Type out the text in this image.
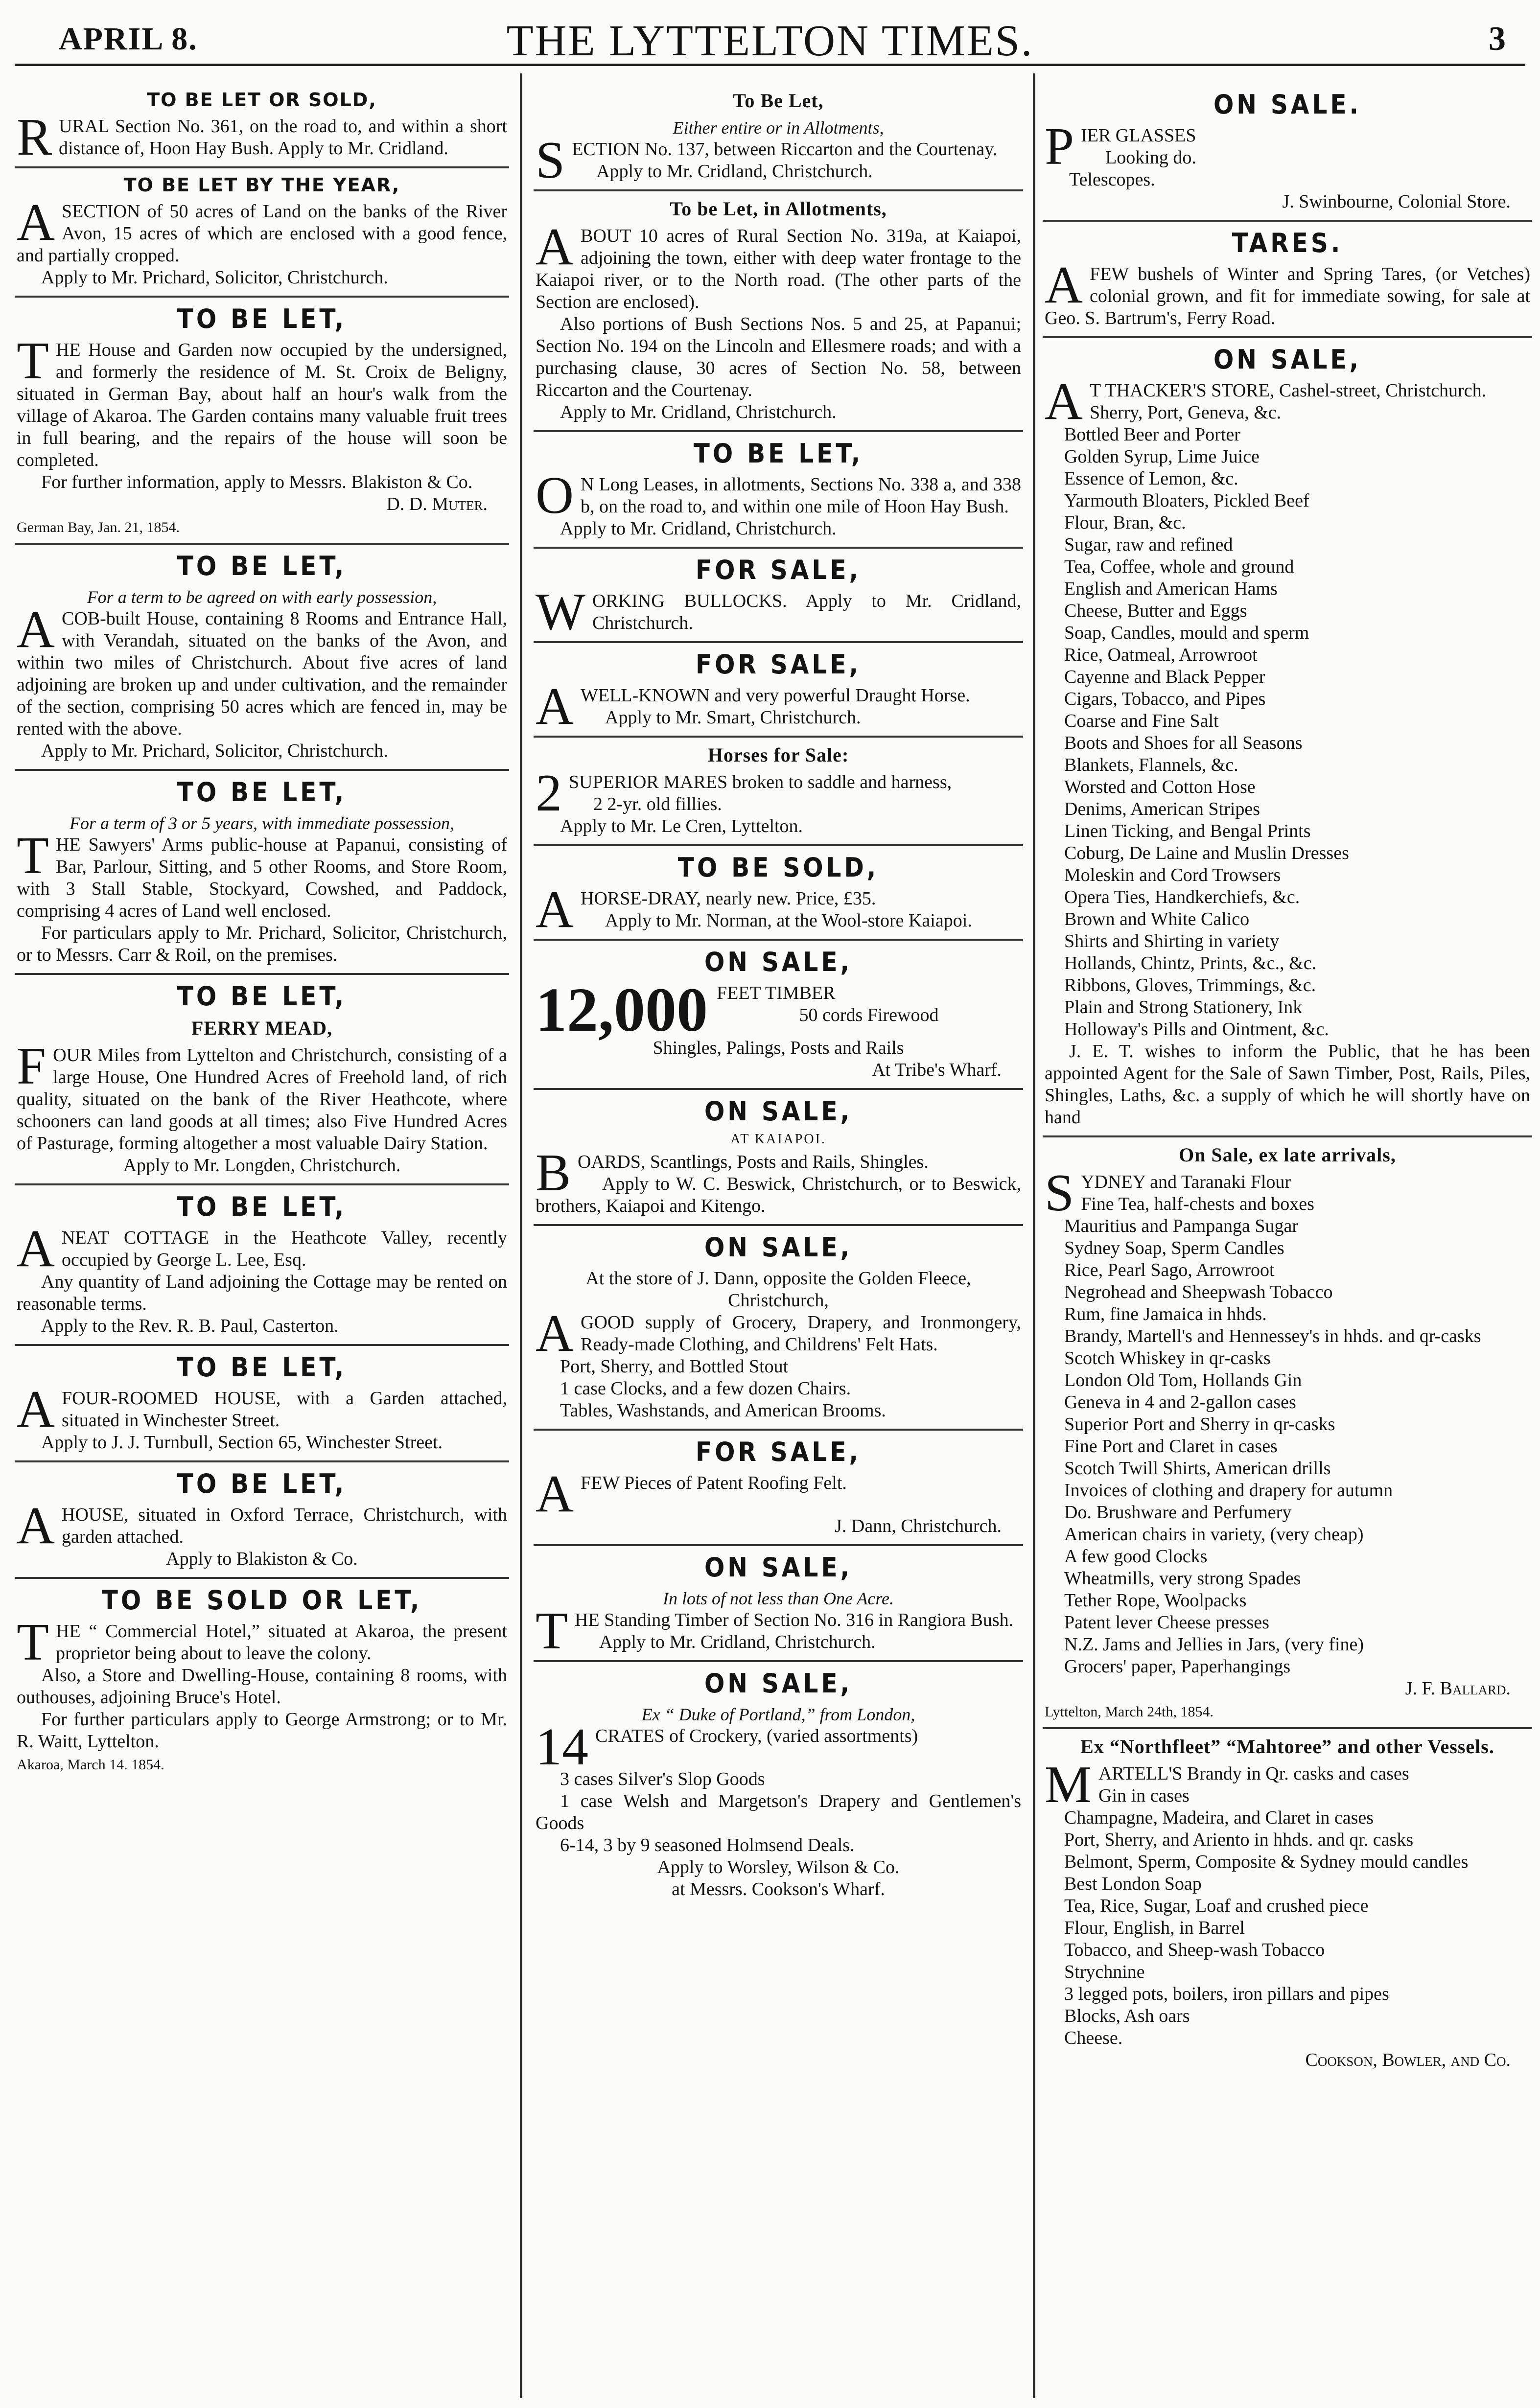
APRIL 8.	THE LYTTELTON TIMES.	3
TO BE LET OR SOLD,

RURAL Section No. 361, on the road to, and within a short distance of, Hoon Hay Bush. Apply to Mr. Cridland.

TO BE LET BY THE YEAR,

ASECTION of 50 acres of Land on the banks of the River Avon, 15 acres of which are enclosed with a good fence, and partially cropped.

Apply to Mr. Prichard, Solicitor, Christchurch.

TO BE LET,

THE House and Garden now occupied by the undersigned, and formerly the residence of M. St. Croix de Beligny, situated in German Bay, about half an hour's walk from the village of Akaroa. The Garden contains many valuable fruit trees in full bearing, and the repairs of the house will soon be completed.

For further information, apply to Messrs. Blakiston & Co.

D. D. Muter.
German Bay, Jan. 21, 1854.
TO BE LET,
For a term to be agreed on with early possession,

ACOB-built House, containing 8 Rooms and Entrance Hall, with Verandah, situated on the banks of the Avon, and within two miles of Christchurch. About five acres of land adjoining are broken up and under cultivation, and the remainder of the section, comprising 50 acres which are fenced in, may be rented with the above.

Apply to Mr. Prichard, Solicitor, Christchurch.

TO BE LET,
For a term of 3 or 5 years, with immediate possession,

THE Sawyers' Arms public-house at Papanui, consisting of Bar, Parlour, Sitting, and 5 other Rooms, and Store Room, with 3 Stall Stable, Stockyard, Cowshed, and Paddock, comprising 4 acres of Land well enclosed.

For particulars apply to Mr. Prichard, Solicitor, Christchurch, or to Messrs. Carr & Roil, on the premises.

TO BE LET,
FERRY MEAD,

FOUR Miles from Lyttelton and Christchurch, consisting of a large House, One Hundred Acres of Freehold land, of rich quality, situated on the bank of the River Heathcote, where schooners can land goods at all times; also Five Hundred Acres of Pasturage, forming altogether a most valuable Dairy Station.

Apply to Mr. Longden, Christchurch.

TO BE LET,

ANEAT COTTAGE in the Heathcote Valley, recently occupied by George L. Lee, Esq.

Any quantity of Land adjoining the Cottage may be rented on reasonable terms.

Apply to the Rev. R. B. Paul, Casterton.

TO BE LET,

AFOUR-ROOMED HOUSE, with a Garden attached, situated in Winchester Street.

Apply to J. J. Turnbull, Section 65, Winchester Street.

TO BE LET,

AHOUSE, situated in Oxford Terrace, Christchurch, with garden attached.

Apply to Blakiston & Co.

TO BE SOLD OR LET,

THE “ Commercial Hotel,” situated at Akaroa, the present proprietor being about to leave the colony.

Also, a Store and Dwelling-House, containing 8 rooms, with outhouses, adjoining Bruce's Hotel.

For further particulars apply to George Armstrong; or to Mr. R. Waitt, Lyttelton.

Akaroa, March 14. 1854.
To Be Let,
Either entire or in Allotments,

SECTION No. 137, between Riccarton and the Courtenay.

Apply to Mr. Cridland, Christchurch.

To be Let, in Allotments,

ABOUT 10 acres of Rural Section No. 319a, at Kaiapoi, adjoining the town, either with deep water frontage to the Kaiapoi river, or to the North road. (The other parts of the Section are enclosed).

Also portions of Bush Sections Nos. 5 and 25, at Papanui; Section No. 194 on the Lincoln and Ellesmere roads; and with a purchasing clause, 30 acres of Section No. 58, between Riccarton and the Courtenay.

Apply to Mr. Cridland, Christchurch.

TO BE LET,

O N Long Leases, in allotments, Sections No. 338 a, and 338 b, on the road to, and within one mile of Hoon Hay Bush.

Apply to Mr. Cridland, Christchurch.

FOR SALE,

WORKING BULLOCKS. Apply to Mr. Cridland, Christchurch.

FOR SALE,

AWELL-KNOWN and very powerful Draught Horse.

Apply to Mr. Smart, Christchurch.

Horses for Sale:

2 SUPERIOR MARES broken to saddle and harness,

2 2-yr. old fillies.

Apply to Mr. Le Cren, Lyttelton.

TO BE SOLD,

AHORSE-DRAY, nearly new. Price, £35.

Apply to Mr. Norman, at the Wool-store Kaiapoi.

ON SALE,

12,000 FEET TIMBER

50 cords Firewood

Shingles, Palings, Posts and Rails

At Tribe's Wharf.

ON SALE,
AT KAIAPOI.

BOARDS, Scantlings, Posts and Rails, Shingles.

Apply to W. C. Beswick, Christchurch, or to Beswick, brothers, Kaiapoi and Kitengo.

ON SALE,

At the store of J. Dann, opposite the Golden Fleece, Christchurch,

AGOOD supply of Grocery, Drapery, and Ironmongery, Ready-made Clothing, and Childrens' Felt Hats.

Port, Sherry, and Bottled Stout

1 case Clocks, and a few dozen Chairs.

Tables, Washstands, and American Brooms.

FOR SALE,

AFEW Pieces of Patent Roofing Felt.

J. Dann, Christchurch.
ON SALE,
In lots of not less than One Acre.

THE Standing Timber of Section No. 316 in Rangiora Bush.

Apply to Mr. Cridland, Christchurch.

ON SALE,
Ex “ Duke of Portland,” from London,

14 CRATES of Crockery, (varied assortments)

3 cases Silver's Slop Goods

1 case Welsh and Margetson's Drapery and Gentlemen's Goods

6-14, 3 by 9 seasoned Holmsend Deals.

Apply to Worsley, Wilson & Co.

at Messrs. Cookson's Wharf.

ON SALE.

PIER GLASSES

Looking do.

Telescopes.

J. Swinbourne, Colonial Store.
TARES.

AFEW bushels of Winter and Spring Tares, (or Vetches) colonial grown, and fit for immediate sowing, for sale at Geo. S. Bartrum's, Ferry Road.

ON SALE,

A T THACKER'S STORE, Cashel-street, Christchurch.

Sherry, Port, Geneva, &c.

Bottled Beer and Porter

Golden Syrup, Lime Juice

Essence of Lemon, &c.

Yarmouth Bloaters, Pickled Beef

Flour, Bran, &c.

Sugar, raw and refined

Tea, Coffee, whole and ground

English and American Hams

Cheese, Butter and Eggs

Soap, Candles, mould and sperm

Rice, Oatmeal, Arrowroot

Cayenne and Black Pepper

Cigars, Tobacco, and Pipes

Coarse and Fine Salt

Boots and Shoes for all Seasons

Blankets, Flannels, &c.

Worsted and Cotton Hose

Denims, American Stripes

Linen Ticking, and Bengal Prints

Coburg, De Laine and Muslin Dresses

Moleskin and Cord Trowsers

Opera Ties, Handkerchiefs, &c.

Brown and White Calico

Shirts and Shirting in variety

Hollands, Chintz, Prints, &c., &c.

Ribbons, Gloves, Trimmings, &c.

Plain and Strong Stationery, Ink

Holloway's Pills and Ointment, &c.

J. E. T. wishes to inform the Public, that he has been appointed Agent for the Sale of Sawn Timber, Post, Rails, Piles, Shingles, Laths, &c. a supply of which he will shortly have on hand

On Sale, ex late arrivals,

SYDNEY and Taranaki Flour

Fine Tea, half-chests and boxes

Mauritius and Pampanga Sugar

Sydney Soap, Sperm Candles

Rice, Pearl Sago, Arrowroot

Negrohead and Sheepwash Tobacco

Rum, fine Jamaica in hhds.

Brandy, Martell's and Hennessey's in hhds. and qr-casks

Scotch Whiskey in qr-casks

London Old Tom, Hollands Gin

Geneva in 4 and 2-gallon cases

Superior Port and Sherry in qr-casks

Fine Port and Claret in cases

Scotch Twill Shirts, American drills

Invoices of clothing and drapery for autumn

Do. Brushware and Perfumery

American chairs in variety, (very cheap)

A few good Clocks

Wheatmills, very strong Spades

Tether Rope, Woolpacks

Patent lever Cheese presses

N.Z. Jams and Jellies in Jars, (very fine)

Grocers' paper, Paperhangings

J. F. Ballard.
Lyttelton, March 24th, 1854.
Ex “Northfleet” “Mahtoree” and other Vessels.

MARTELL'S Brandy in Qr. casks and cases

Gin in cases

Champagne, Madeira, and Claret in cases

Port, Sherry, and Ariento in hhds. and qr. casks

Belmont, Sperm, Composite & Sydney mould candles

Best London Soap

Tea, Rice, Sugar, Loaf and crushed piece

Flour, English, in Barrel

Tobacco, and Sheep-wash Tobacco

Strychnine

3 legged pots, boilers, iron pillars and pipes

Blocks, Ash oars

Cheese.

Cookson, Bowler, and Co.
